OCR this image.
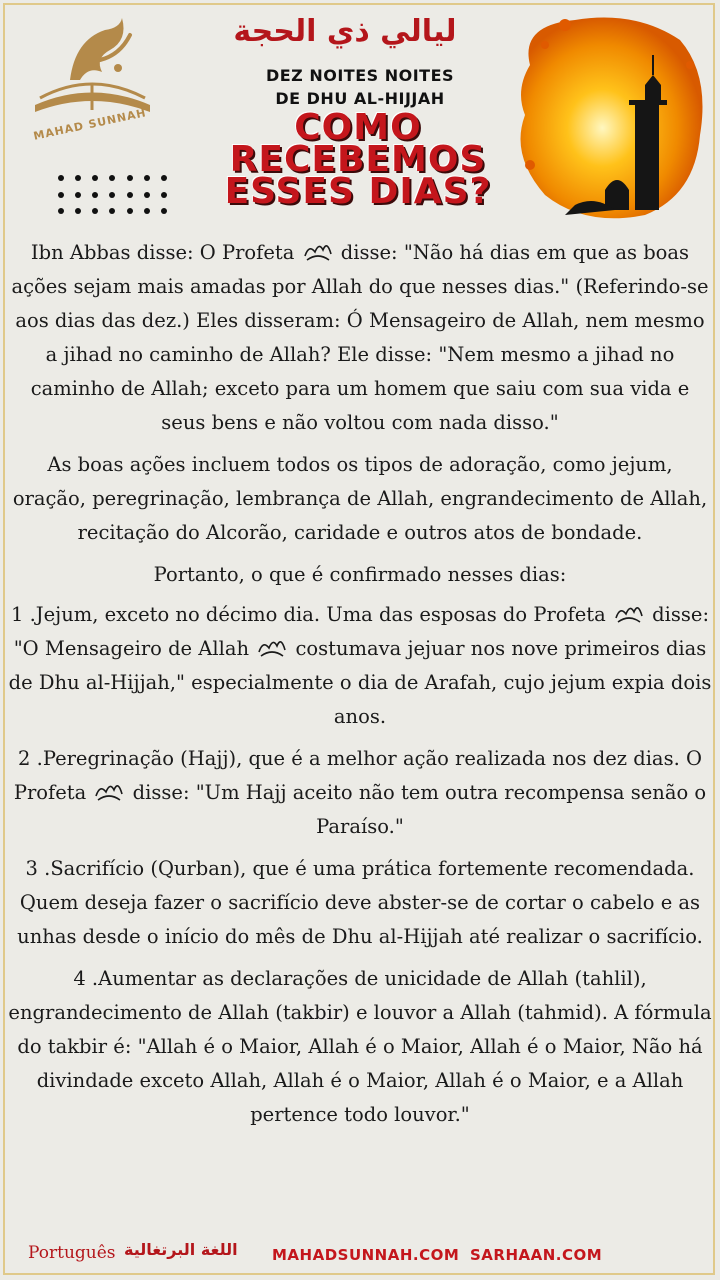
MAHAD SUNNAH
ليالي ذي الحجة
DEZ NOITES NOITES
DE DHU AL-HIJJAH
COMO
RECEBEMOS
ESSES DIAS?

Ibn Abbas disse: O Profeta disse: "Não há dias em que as boas ações sejam mais amadas por Allah do que nesses dias." (Referindo-se aos dias das dez.) Eles disseram: Ó Mensageiro de Allah, nem mesmo a jihad no caminho de Allah? Ele disse: "Nem mesmo a jihad no caminho de Allah; exceto para um homem que saiu com sua vida e seus bens e não voltou com nada disso."

As boas ações incluem todos os tipos de adoração, como jejum, oração, peregrinação, lembrança de Allah, engrandecimento de Allah, recitação do Alcorão, caridade e outros atos de bondade.

Portanto, o que é confirmado nesses dias:

1 .Jejum, exceto no décimo dia. Uma das esposas do Profeta disse: "O Mensageiro de Allah costumava jejuar nos nove primeiros dias de Dhu al-Hijjah," especialmente o dia de Arafah, cujo jejum expia dois anos.

2 .Peregrinação (Hajj), que é a melhor ação realizada nos dez dias. O Profeta disse: "Um Hajj aceito não tem outra recompensa senão o Paraíso."

3 .Sacrifício (Qurban), que é uma prática fortemente recomendada. Quem deseja fazer o sacrifício deve abster-se de cortar o cabelo e as unhas desde o início do mês de Dhu al-Hijjah até realizar o sacrifício.

4 .Aumentar as declarações de unicidade de Allah (tahlil), engrandecimento de Allah (takbir) e louvor a Allah (tahmid). A fórmula do takbir é: "Allah é o Maior, Allah é o Maior, Allah é o Maior, Não há divindade exceto Allah, Allah é o Maior, Allah é o Maior, e a Allah pertence todo louvor."

Português اللغة البرتغالية MAHADSUNNAH.COM SARHAAN.COM
